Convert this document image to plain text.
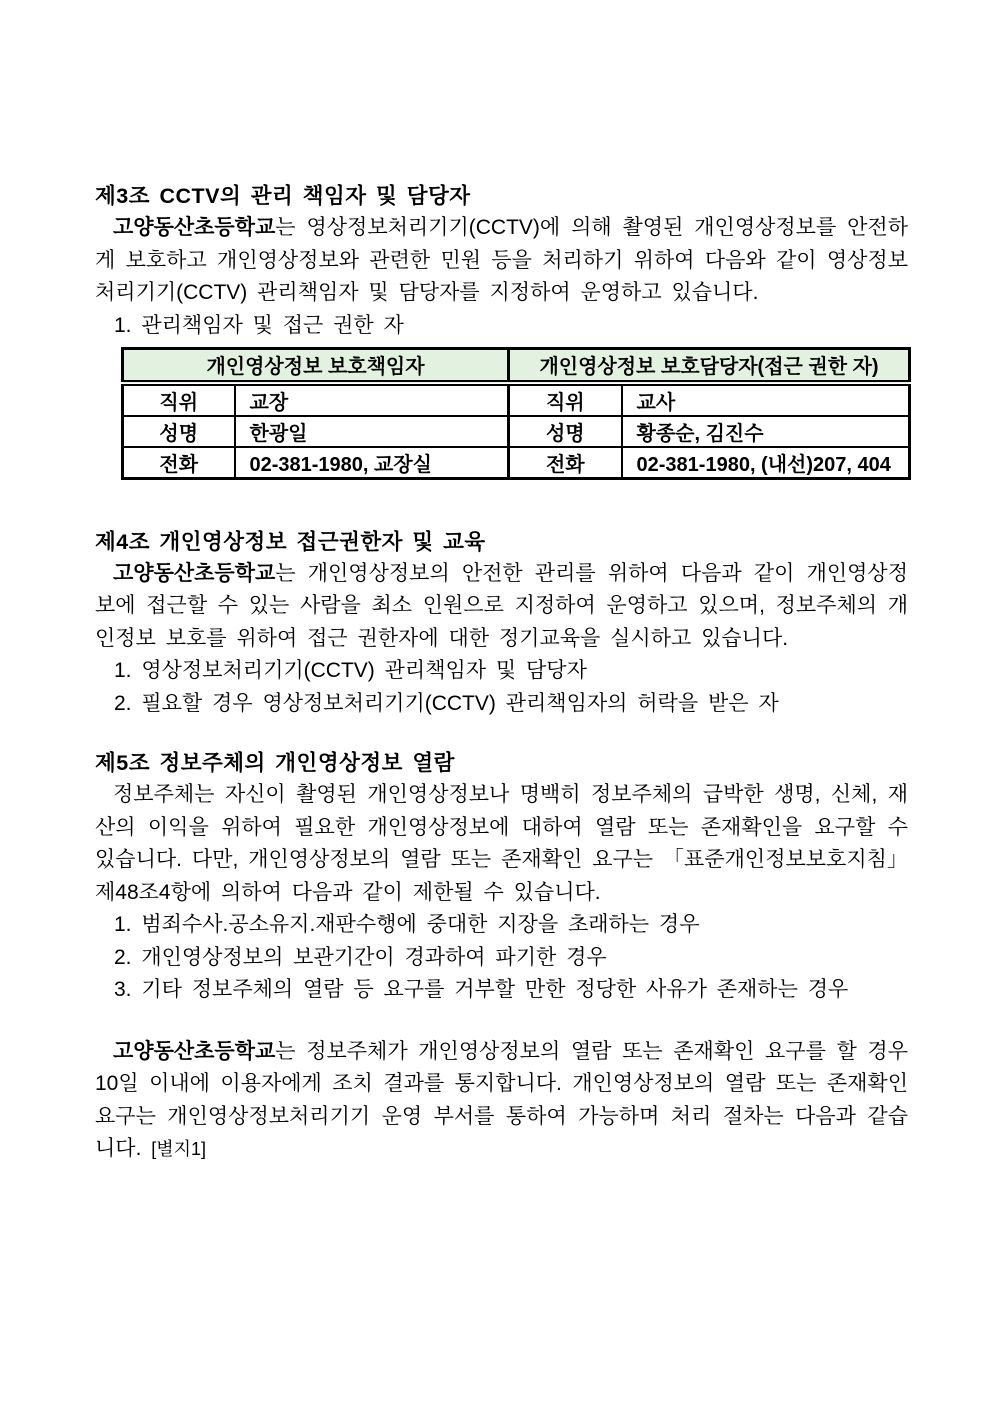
제3조 CCTV의 관리 책임자 및 담당자

고양동산초등학교는 영상정보처리기기(CCTV)에 의해 촬영된 개인영상정보를 안전하게 보호하고 개인영상정보와 관련한 민원 등을 처리하기 위하여 다음와 같이 영상정보처리기기(CCTV) 관리책임자 및 담당자를 지정하여 운영하고 있습니다.

1. 관리책임자 및 접근 권한 자
개인영상정보 보호책임자		개인영상정보 보호담당자(접근 권한 자)	
직위	교장	직위	교사
성명	한광일	성명	황종순, 김진수
전화	02-381-1980, 교장실	전화	02-381-1980, (내선)207, 404
제4조 개인영상정보 접근권한자 및 교육

고양동산초등학교는 개인영상정보의 안전한 관리를 위하여 다음과 같이 개인영상정보에 접근할 수 있는 사람을 최소 인원으로 지정하여 운영하고 있으며, 정보주체의 개인정보 보호를 위하여 접근 권한자에 대한 정기교육을 실시하고 있습니다.

1. 영상정보처리기기(CCTV) 관리책임자 및 담당자
2. 필요할 경우 영상정보처리기기(CCTV) 관리책임자의 허락을 받은 자
제5조 정보주체의 개인영상정보 열람

정보주체는 자신이 촬영된 개인영상정보나 명백히 정보주체의 급박한 생명, 신체, 재산의 이익을 위하여 필요한 개인영상정보에 대하여 열람 또는 존재확인을 요구할 수 있습니다. 다만, 개인영상정보의 열람 또는 존재확인 요구는 「표준개인정보보호지침」 제48조4항에 의하여 다음과 같이 제한될 수 있습니다.

1. 범죄수사.공소유지.재판수행에 중대한 지장을 초래하는 경우
2. 개인영상정보의 보관기간이 경과하여 파기한 경우
3. 기타 정보주체의 열람 등 요구를 거부할 만한 정당한 사유가 존재하는 경우

고양동산초등학교는 정보주체가 개인영상정보의 열람 또는 존재확인 요구를 할 경우 10일 이내에 이용자에게 조치 결과를 통지합니다. 개인영상정보의 열람 또는 존재확인 요구는 개인영상정보처리기기 운영 부서를 통하여 가능하며 처리 절차는 다음과 같습니다. [별지1]
